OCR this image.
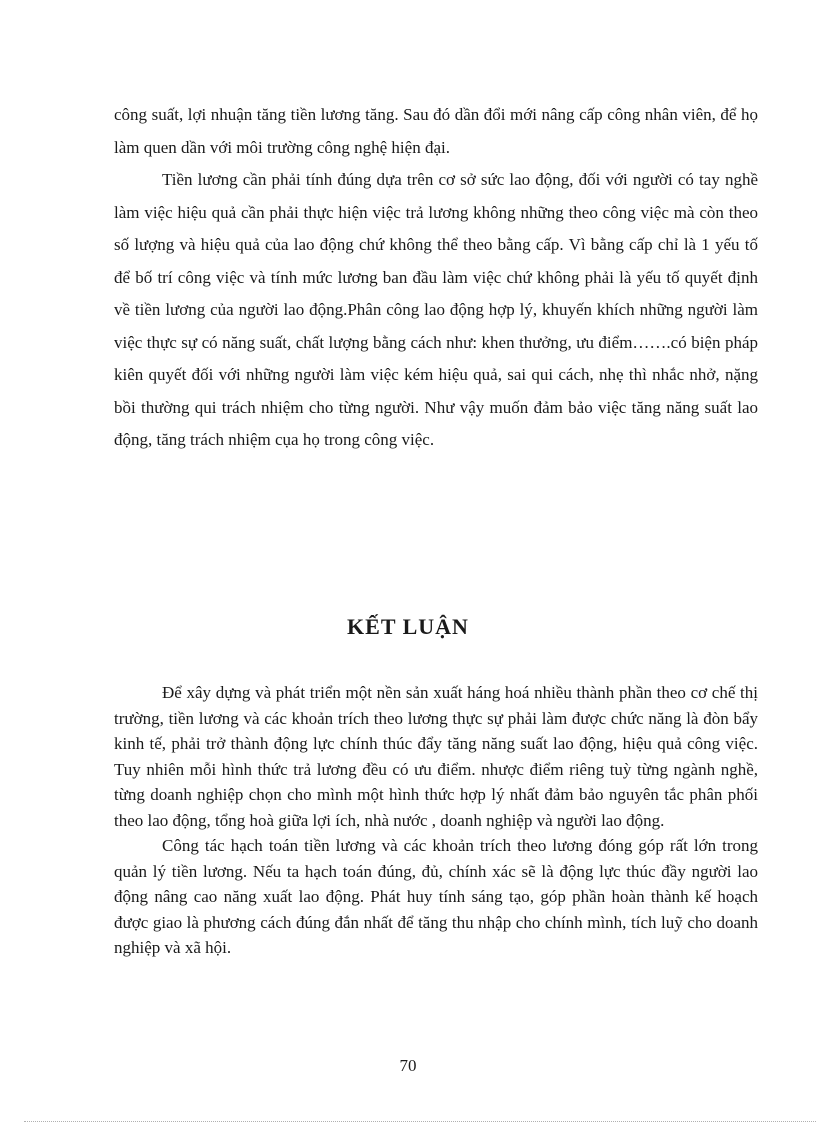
công suất, lợi nhuận tăng tiền lương tăng. Sau đó dần đổi mới nâng cấp công nhân viên, để họ làm quen dần với môi trường công nghệ hiện đại.

Tiền lương cần phải tính đúng dựa trên cơ sở sức lao động, đối với người có tay nghề làm việc hiệu quả cần phải thực hiện việc trả lương không những theo công việc mà còn theo số lượng và hiệu quả của lao động chứ không thể theo bằng cấp. Vì bằng cấp chỉ là 1 yếu tố để bố trí công việc và tính mức lương ban đầu làm việc chứ không phải là yếu tố quyết định về tiền lương của người lao động.Phân công lao động hợp lý, khuyến khích những người làm việc thực sự có năng suất, chất lượng bằng cách như: khen thưởng, ưu điểm…….có biện pháp kiên quyết đối với những người làm việc kém hiệu quả, sai qui cách, nhẹ thì nhắc nhở, nặng bồi thường qui trách nhiệm cho từng người. Như vậy muốn đảm bảo việc tăng năng suất lao động, tăng trách nhiệm cụa họ trong công việc.

KẾT LUẬN

Để xây dựng và phát triển một nền sản xuất háng hoá nhiều thành phần theo cơ chế thị trường, tiền lương và các khoản trích theo lương thực sự phải làm được chức năng là đòn bẩy kinh tế, phải trở thành động lực chính thúc đẩy tăng năng suất lao động, hiệu quả công việc. Tuy nhiên mỗi hình thức trả lương đều có ưu điểm. nhược điểm riêng tuỳ từng ngành nghề, từng doanh nghiệp chọn cho mình một hình thức hợp lý nhất đảm bảo nguyên tắc phân phối theo lao động, tổng hoà giữa lợi ích, nhà nước , doanh nghiệp và người lao động.

Công tác hạch toán tiền lương và các khoản trích theo lương đóng góp rất lớn trong quản lý tiền lương. Nếu ta hạch toán đúng, đủ, chính xác sẽ là động lực thúc đầy người lao động nâng cao năng xuất lao động. Phát huy tính sáng tạo, góp phần hoàn thành kế hoạch được giao là phương cách đúng đắn nhất để tăng thu nhập cho chính mình, tích luỹ cho doanh nghiệp và xã hội.

70
